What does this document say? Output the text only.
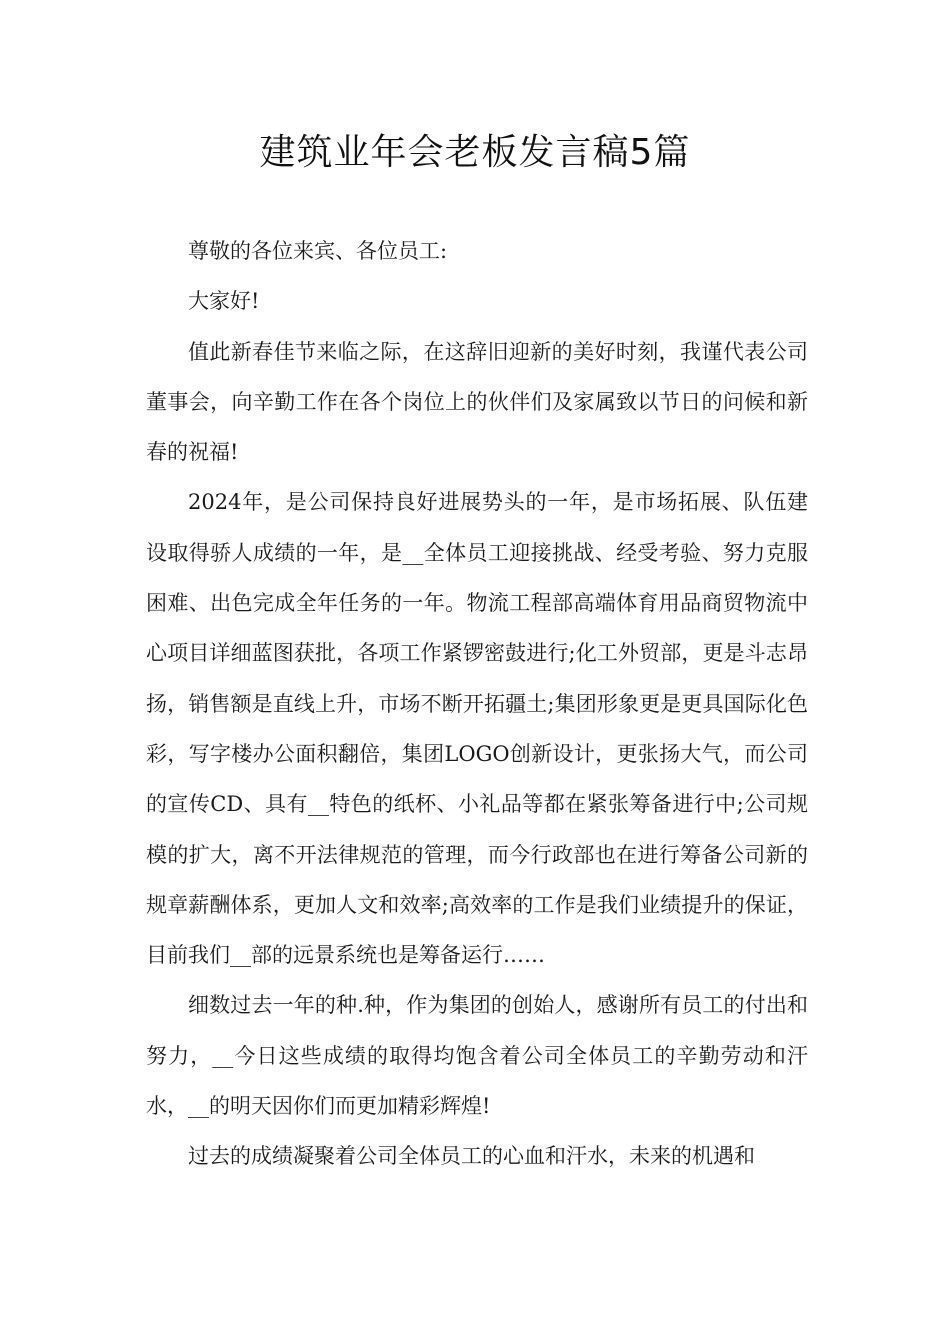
建筑业年会老板发言稿5篇

尊敬的各位来宾、各位员工:

大家好!

值此新春佳节来临之际，在这辞旧迎新的美好时刻，我谨代表公司董事会，向辛勤工作在各个岗位上的伙伴们及家属致以节日的问候和新春的祝福!

2024年，是公司保持良好进展势头的一年，是市场拓展、队伍建设取得骄人成绩的一年，是__全体员工迎接挑战、经受考验、努力克服困难、出色完成全年任务的一年。物流工程部高端体育用品商贸物流中心项目详细蓝图获批，各项工作紧锣密鼓进行;化工外贸部，更是斗志昂扬，销售额是直线上升，市场不断开拓疆土;集团形象更是更具国际化色彩，写字楼办公面积翻倍，集团LOGO创新设计，更张扬大气，而公司的宣传CD、具有__特色的纸杯、小礼品等都在紧张筹备进行中;公司规模的扩大，离不开法律规范的管理，而今行政部也在进行筹备公司新的规章薪酬体系，更加人文和效率;高效率的工作是我们业绩提升的保证，目前我们__部的远景系统也是筹备运行……

细数过去一年的种.种，作为集团的创始人，感谢所有员工的付出和努力，__今日这些成绩的取得均饱含着公司全体员工的辛勤劳动和汗水，__的明天因你们而更加精彩辉煌!

过去的成绩凝聚着公司全体员工的心血和汗水，未来的机遇和
